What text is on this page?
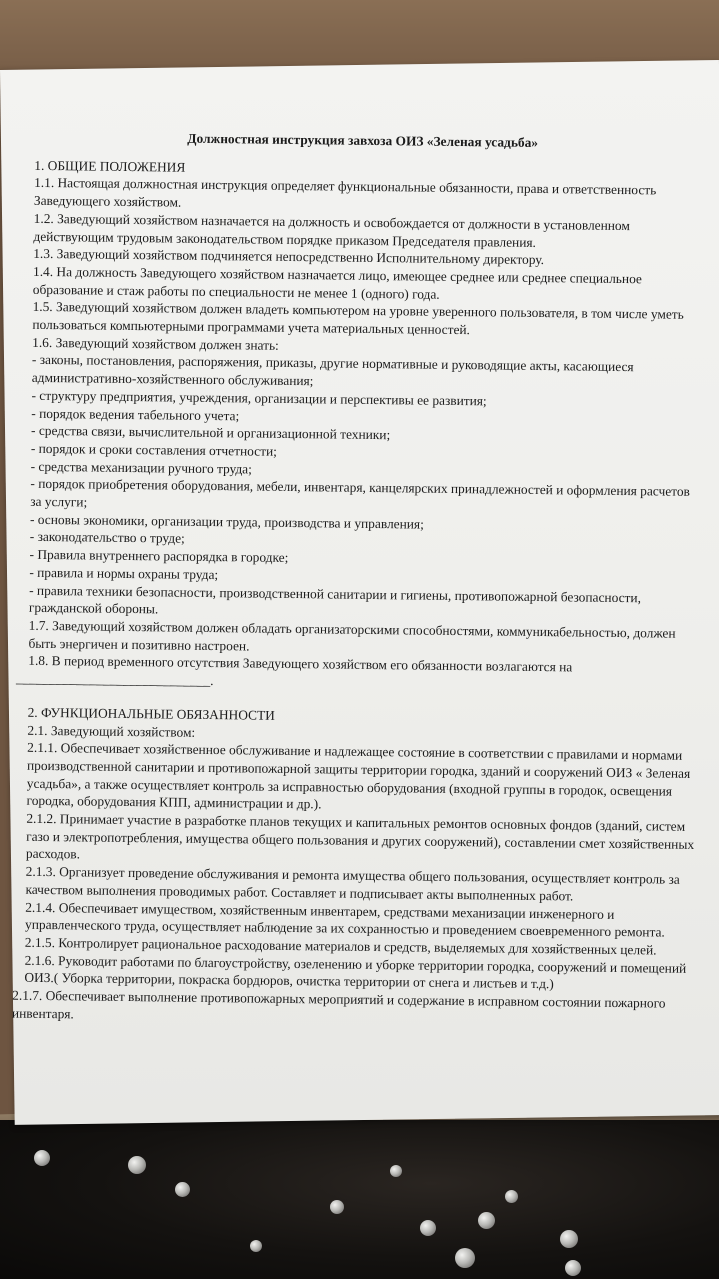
Должностная инструкция завхоза ОИЗ «Зеленая усадьба»

1. ОБЩИЕ ПОЛОЖЕНИЯ

1.1. Настоящая должностная инструкция определяет функциональные обязанности, права и ответственность Заведующего хозяйством.

1.2. Заведующий хозяйством назначается на должность и освобождается от должности в установленном действующим трудовым законодательством порядке приказом Председателя правления.

1.3. Заведующий хозяйством подчиняется непосредственно Исполнительному директору.

1.4. На должность Заведующего хозяйством назначается лицо, имеющее среднее или среднее специальное образование и стаж работы по специальности не менее 1 (одного) года.

1.5. Заведующий хозяйством должен владеть компьютером на уровне уверенного пользователя, в том числе уметь пользоваться компьютерными программами учета материальных ценностей.

1.6. Заведующий хозяйством должен знать:

- законы, постановления, распоряжения, приказы, другие нормативные и руководящие акты, касающиеся административно-хозяйственного обслуживания;

- структуру предприятия, учреждения, организации и перспективы ее развития;

- порядок ведения табельного учета;

- средства связи, вычислительной и организационной техники;

- порядок и сроки составления отчетности;

- средства механизации ручного труда;

- порядок приобретения оборудования, мебели, инвентаря, канцелярских принадлежностей и оформления расчетов за услуги;

- основы экономики, организации труда, производства и управления;

- законодательство о труде;

- Правила внутреннего распорядка в городке;

- правила и нормы охраны труда;

- правила техники безопасности, производственной санитарии и гигиены, противопожарной безопасности, гражданской обороны.

1.7. Заведующий хозяйством должен обладать организаторскими способностями, коммуникабельностью, должен быть энергичен и позитивно настроен.

1.8. В период временного отсутствия Заведующего хозяйством его обязанности возлагаются на

_____________________________.

2. ФУНКЦИОНАЛЬНЫЕ ОБЯЗАННОСТИ

2.1. Заведующий хозяйством:

2.1.1. Обеспечивает хозяйственное обслуживание и надлежащее состояние в соответствии с правилами и нормами производственной санитарии и противопожарной защиты территории городка, зданий и сооружений ОИЗ « Зеленая усадьба», а также осуществляет контроль за исправностью оборудования (входной группы в городок, освещения городка, оборудования КПП, администрации и др.).

2.1.2. Принимает участие в разработке планов текущих и капитальных ремонтов основных фондов (зданий, систем газо и электропотребления, имущества общего пользования и других сооружений), составлении смет хозяйственных расходов.

2.1.3. Организует проведение обслуживания и ремонта имущества общего пользования, осуществляет контроль за качеством выполнения проводимых работ. Составляет и подписывает акты выполненных работ.

2.1.4. Обеспечивает имуществом, хозяйственным инвентарем, средствами механизации инженерного и управленческого труда, осуществляет наблюдение за их сохранностью и проведением своевременного ремонта.

2.1.5. Контролирует рациональное расходование материалов и средств, выделяемых для хозяйственных целей.

2.1.6. Руководит работами по благоустройству, озеленению и уборке территории городка, сооружений и помещений ОИЗ.( Уборка территории, покраска бордюров, очистка территории от снега и листьев и т.д.)

2.1.7. Обеспечивает выполнение противопожарных мероприятий и содержание в исправном состоянии пожарного инвентаря.
